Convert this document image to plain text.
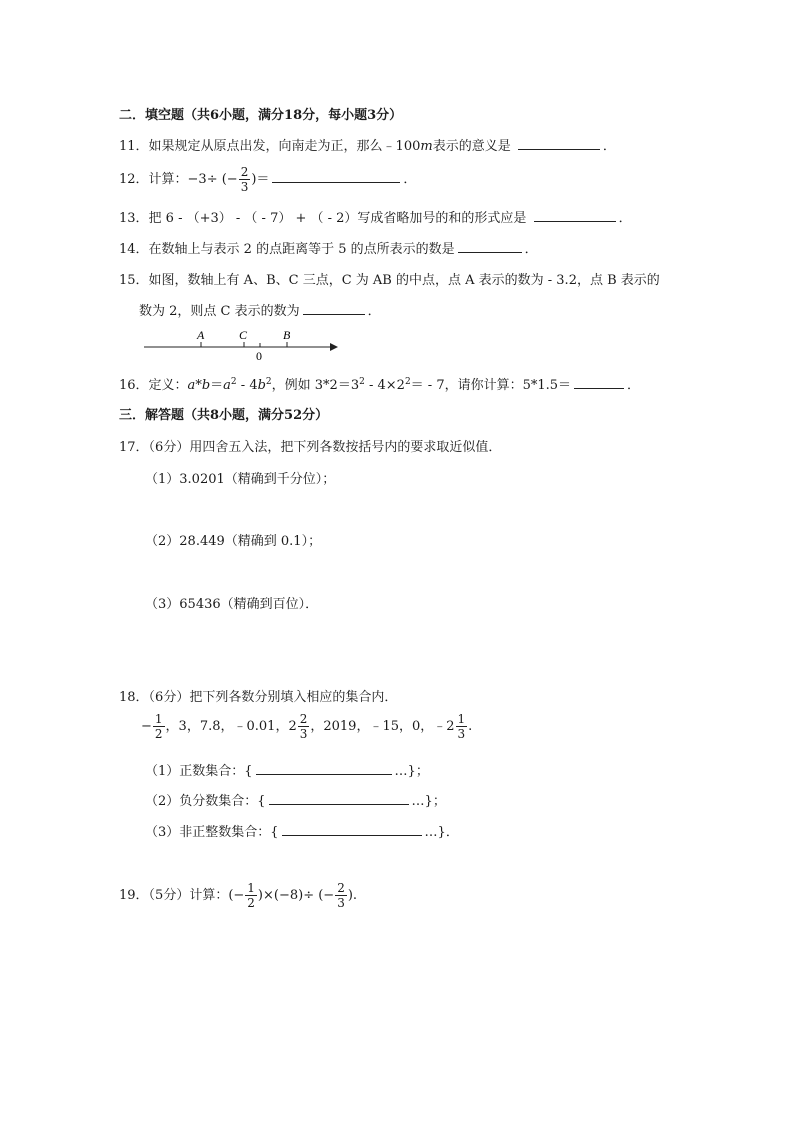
二．填空题（共6小题，满分18分，每小题3分）
11．如果规定从原点出发，向南走为正，那么﹣100m表示的意义是	．
12．计算：−3÷ (− $\frac{2}{3}$ )＝	．
13．把 6 - （+3） - （ - 7） + （ - 2）写成省略加号的和的形式应是	．
14．在数轴上与表示 2 的点距离等于 5 的点所表示的数是	．
15．如图，数轴上有 A、B、C 三点，C 为 AB 的中点，点 A 表示的数为 - 3.2，点 B 表示的
数为 2，则点 C 表示的数为	．
A	C	B
0
16．定义：$a*b=a^2 - 4b^2$，例如 $3*2=3^2 - 4\times 2^2= - 7$，请你计算：5*1.5＝	．
三．解答题（共8小题，满分52分）
17．（6分）用四舍五入法，把下列各数按括号内的要求取近似值．
（1）3.0201（精确到千分位）；
（2）28.449（精确到 0.1）；
（3）65436（精确到百位）．
18．（6分）把下列各数分别填入相应的集合内．
− $\frac{1}{2}$ ，3，7.8，﹣0.01，$2 \frac{2}{3}$ ，2019，﹣15，0，﹣2 $\frac{1}{3}$ .
（1）正数集合：{	…}；
（2）负分数集合：{	…}；
（3）非正整数集合：{	…}．
19．（5分）计算：(− $\frac{1}{2} )\times(-8)\div$ (− $\frac{2}{3}$ ).
